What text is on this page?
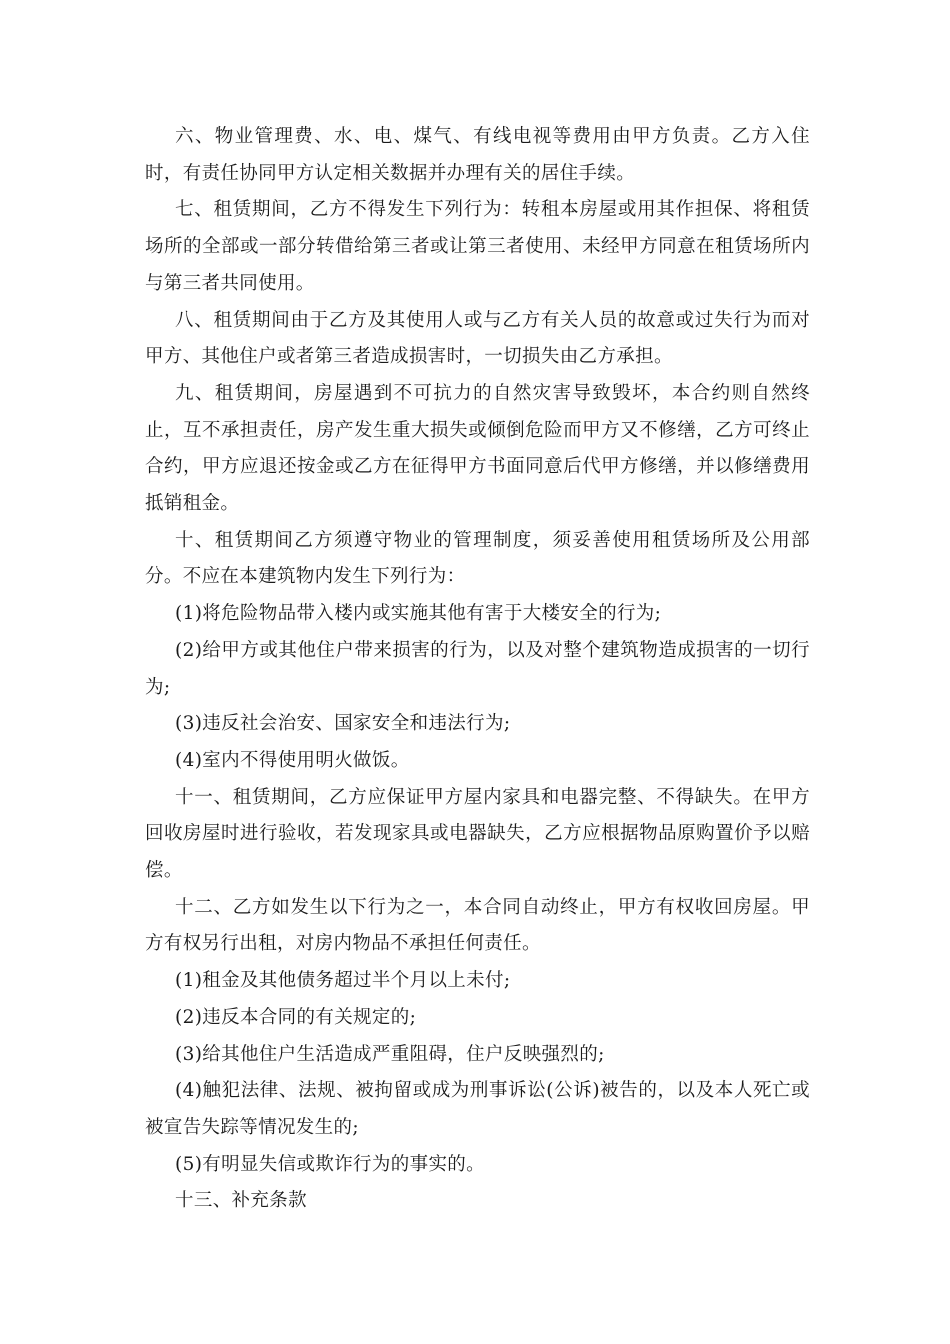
六、物业管理费、水、电、煤气、有线电视等费用由甲方负责。乙方入住时，有责任协同甲方认定相关数据并办理有关的居住手续。

七、租赁期间，乙方不得发生下列行为：转租本房屋或用其作担保、将租赁场所的全部或一部分转借给第三者或让第三者使用、未经甲方同意在租赁场所内与第三者共同使用。

八、租赁期间由于乙方及其使用人或与乙方有关人员的故意或过失行为而对甲方、其他住户或者第三者造成损害时，一切损失由乙方承担。

九、租赁期间，房屋遇到不可抗力的自然灾害导致毁坏，本合约则自然终止，互不承担责任，房产发生重大损失或倾倒危险而甲方又不修缮，乙方可终止合约，甲方应退还按金或乙方在征得甲方书面同意后代甲方修缮，并以修缮费用抵销租金。

十、租赁期间乙方须遵守物业的管理制度，须妥善使用租赁场所及公用部分。不应在本建筑物内发生下列行为：

(1)将危险物品带入楼内或实施其他有害于大楼安全的行为;

(2)给甲方或其他住户带来损害的行为，以及对整个建筑物造成损害的一切行为;

(3)违反社会治安、国家安全和违法行为;

(4)室内不得使用明火做饭。

十一、租赁期间，乙方应保证甲方屋内家具和电器完整、不得缺失。在甲方回收房屋时进行验收，若发现家具或电器缺失，乙方应根据物品原购置价予以赔偿。

十二、乙方如发生以下行为之一，本合同自动终止，甲方有权收回房屋。甲方有权另行出租，对房内物品不承担任何责任。

(1)租金及其他债务超过半个月以上未付;

(2)违反本合同的有关规定的;

(3)给其他住户生活造成严重阻碍，住户反映强烈的;

(4)触犯法律、法规、被拘留或成为刑事诉讼(公诉)被告的，以及本人死亡或被宣告失踪等情况发生的;

(5)有明显失信或欺诈行为的事实的。

十三、补充条款
